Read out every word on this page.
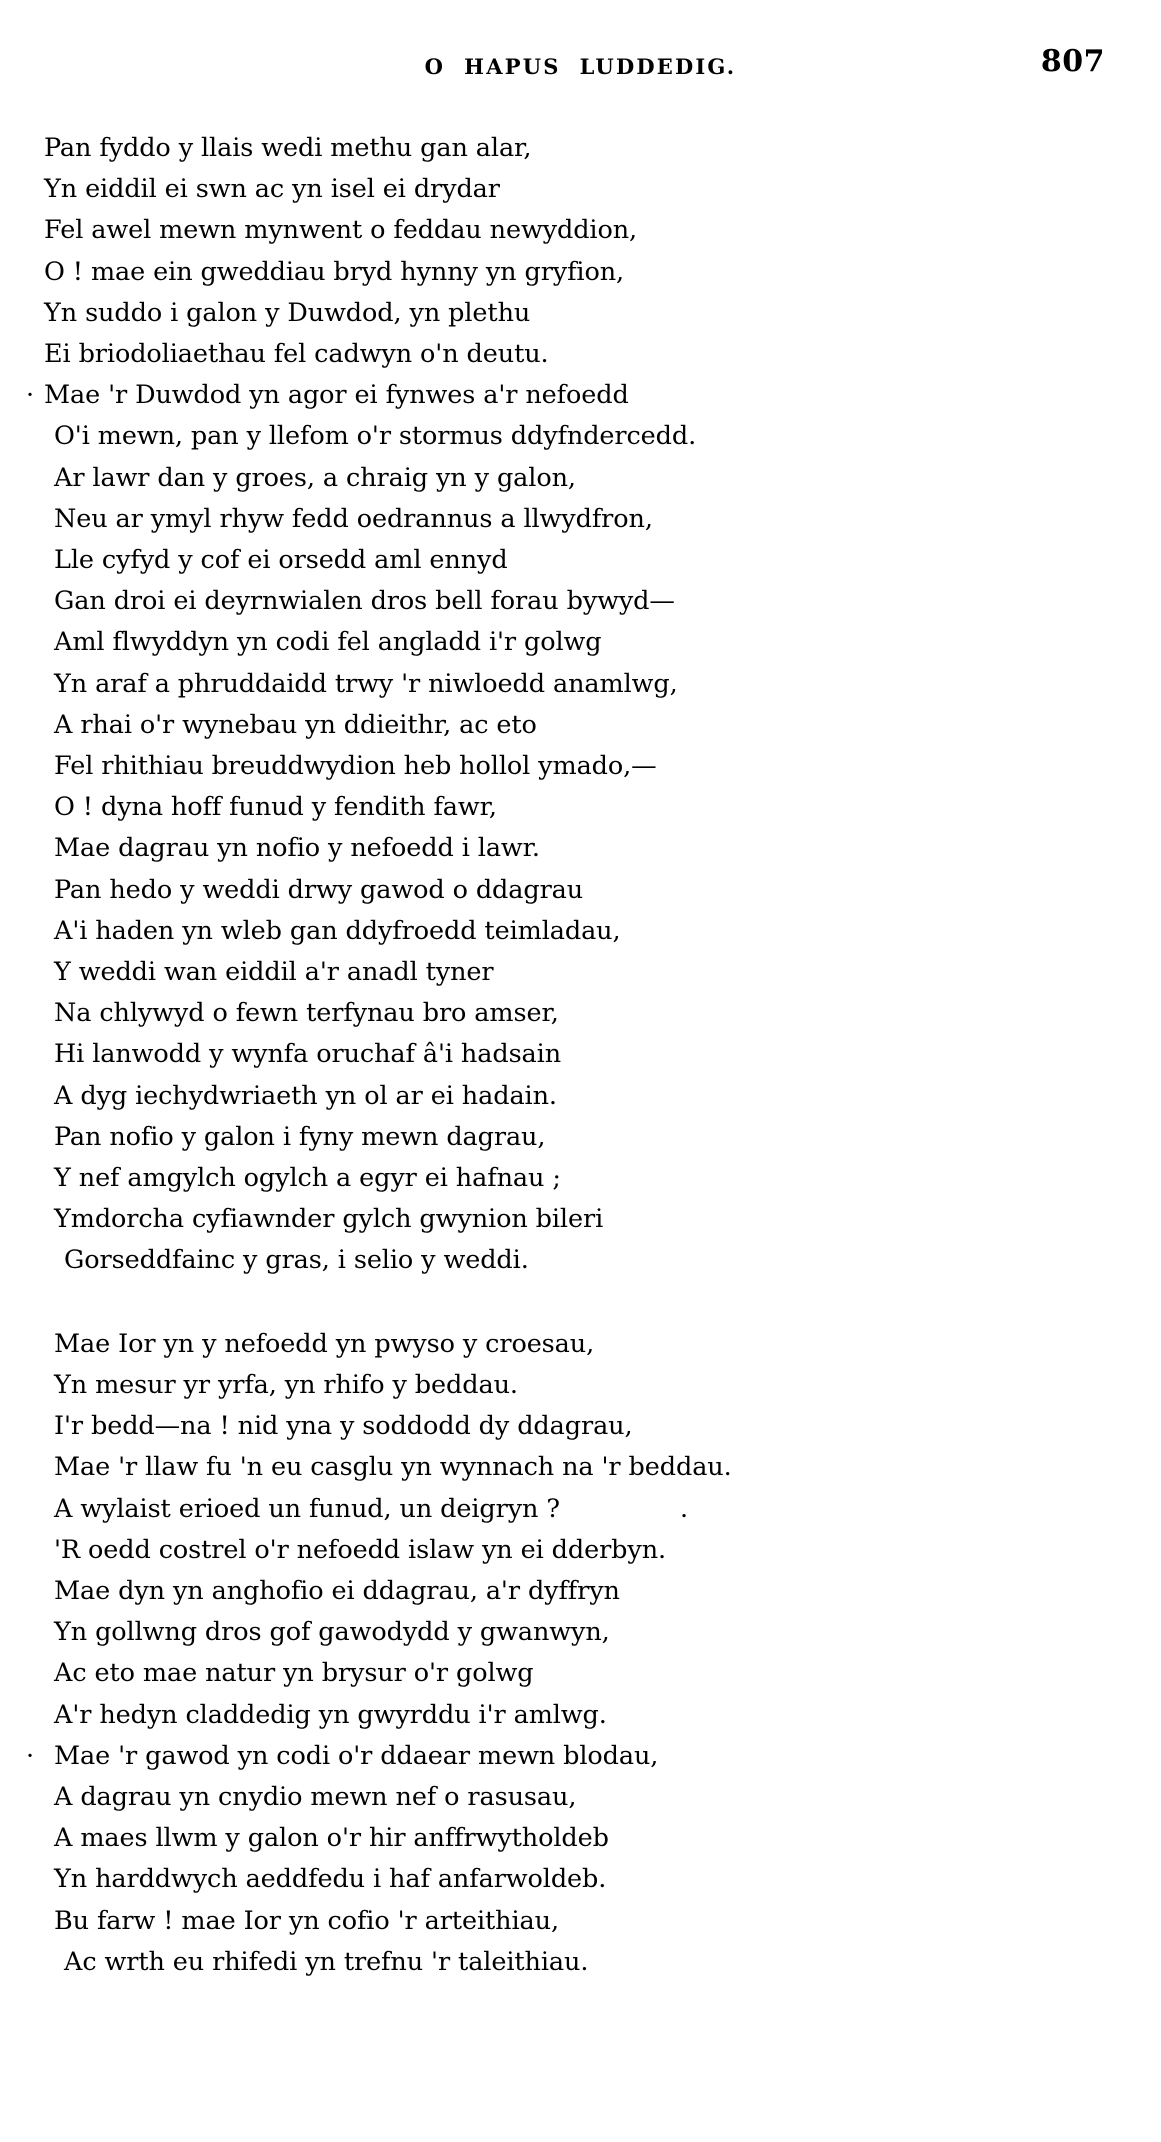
O  HAPUS  LUDDEDIG.	807
Pan fyddo y llais wedi methu gan alar,
Yn eiddil ei swn ac yn isel ei drydar
Fel awel mewn mynwent o feddau newyddion,
O ! mae ein gweddiau bryd hynny yn gryfion,
Yn suddo i galon y Duwdod, yn plethu
Ei briodoliaethau fel cadwyn o'n deutu.
· Mae 'r Duwdod yn agor ei fynwes a'r nefoedd
O'i mewn, pan y llefom o'r stormus ddyfndercedd.
Ar lawr dan y groes, a chraig yn y galon,
Neu ar ymyl rhyw fedd oedrannus a llwydfron,
Lle cyfyd y cof ei orsedd aml ennyd
Gan droi ei deyrnwialen dros bell forau bywyd—
Aml flwyddyn yn codi fel angladd i'r golwg
Yn araf a phruddaidd trwy 'r niwloedd anamlwg,
A rhai o'r wynebau yn ddieithr, ac eto
Fel rhithiau breuddwydion heb hollol ymado,—
O ! dyna hoff funud y fendith fawr,
Mae dagrau yn nofio y nefoedd i lawr.
Pan hedo y weddi drwy gawod o ddagrau
A'i haden yn wleb gan ddyfroedd teimladau,
Y weddi wan eiddil a'r anadl tyner
Na chlywyd o fewn terfynau bro amser,
Hi lanwodd y wynfa oruchaf â'i hadsain
A dyg iechydwriaeth yn ol ar ei hadain.
Pan nofio y galon i fyny mewn dagrau,
Y nef amgylch ogylch a egyr ei hafnau ;
Ymdorcha cyfiawnder gylch gwynion bileri
Gorseddfainc y gras, i selio y weddi.
Mae Ior yn y nefoedd yn pwyso y croesau,
Yn mesur yr yrfa, yn rhifo y beddau.
I'r bedd—na ! nid yna y soddodd dy ddagrau,
Mae 'r llaw fu 'n eu casglu yn wynnach na 'r beddau.
A wylaist erioed un funud, un deigryn ?	.
'R oedd costrel o'r nefoedd islaw yn ei dderbyn.
Mae dyn yn anghofio ei ddagrau, a'r dyffryn
Yn gollwng dros gof gawodydd y gwanwyn,
Ac eto mae natur yn brysur o'r golwg
A'r hedyn claddedig yn gwyrddu i'r amlwg.
· Mae 'r gawod yn codi o'r ddaear mewn blodau,
A dagrau yn cnydio mewn nef o rasusau,
A maes llwm y galon o'r hir anffrwytholdeb
Yn harddwych aeddfedu i haf anfarwoldeb.
Bu farw ! mae Ior yn cofio 'r arteithiau,
Ac wrth eu rhifedi yn trefnu 'r taleithiau.
